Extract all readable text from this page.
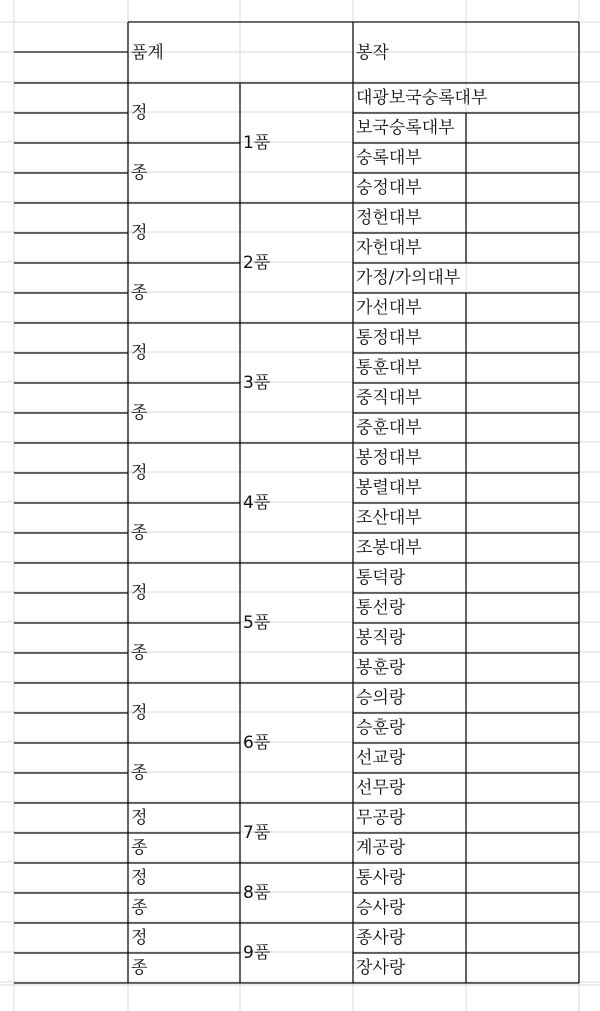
품계	봉작
정
종
1품
대광보국숭록대부
보국숭록대부
숭록대부
숭정대부
정
종
2품
정헌대부
자헌대부
가정/가의대부
가선대부
정
종
3품
통정대부
통훈대부
중직대부
중훈대부
정
종
4품
봉정대부
봉렬대부
조산대부
조봉대부
정
종
5품
통덕랑
통선랑
봉직랑
봉훈랑
정
종
6품
승의랑
승훈랑
선교랑
선무랑
정
종
7품
무공랑
계공랑
정
종
8품
통사랑
승사랑
정
종
9품
종사랑
장사랑
